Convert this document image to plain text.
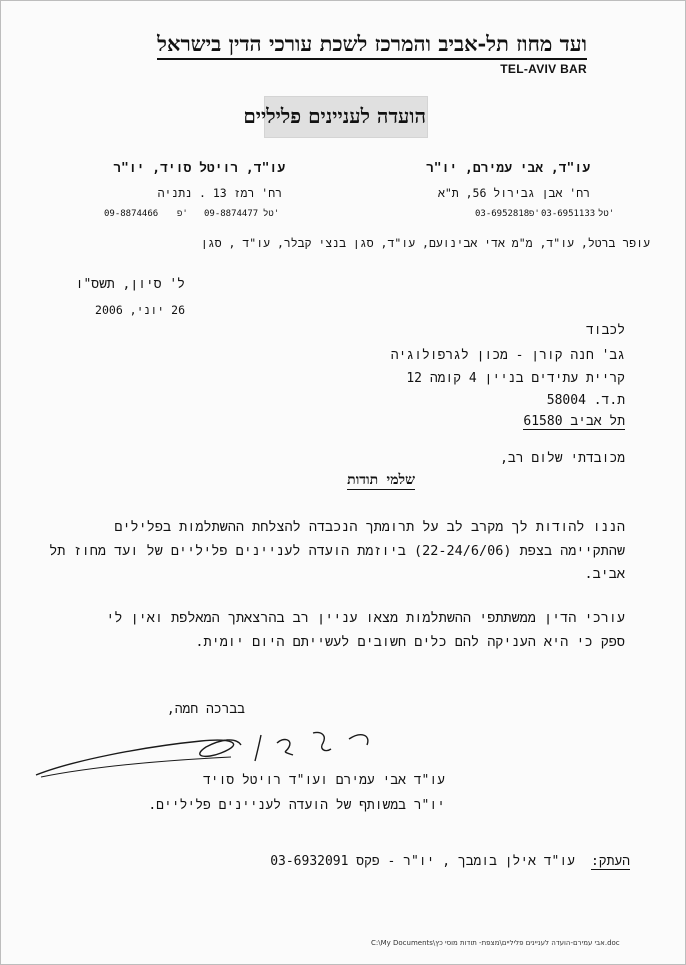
ועד מחוז תל-אביב והמרכז לשכת עורכי הדין בישראל
TEL-AVIV BAR
הועדה לעניינים פליליים
עו"ד, אבי עמירם, יו"ר
רח' אבן גבירול 56, ת"א
03-6952818 פ' 03-6951133 טל'
עו"ד, רויטל סויד, יו"ר
רח' רמז 13 . נתניה
09-8874466 פ' 09-8874477 טל'
עופר ברטל, עו"ד, מ"מ אדי אבינועם, עו"ד, סגן בנצי קבלר, עו"ד , סגן
ל' סיון, תשס"ו
26 יוני, 2006
לכבוד
גב' חנה קורן - מכון לגרפולוגיה
קריית עתידים בניין 4 קומה 12
ת.ד. 58004
תל אביב 61580
מכובדתי שלום רב,
שלמי תודות
הננו להודות לך מקרב לב על תרומתך הנכבדה להצלחת ההשתלמות בפלילים
שהתקיימה בצפת (22-24/6/06) ביוזמת הועדה לעניינים פליליים של ועד מחוז תל
אביב.
עורכי הדין ממשתתפי ההשתלמות מצאו עניין רב בהרצאתך המאלפת ואין לי
ספק כי היא העניקה להם כלים חשובים לעשייתם היום יומית.
בברכה חמה,
עו"ד אבי עמירם ועו"ד רויטל סויד
יו"ר במשותף של הועדה לעניינים פליליים.
העתק:
עו"ד אילן בומבך , יו"ר - פקס 03-6932091
C:\My Documents\אבי עמירם-הועדה לעניינים פליליים\מצפת- תודות מוסי כץ.doc
